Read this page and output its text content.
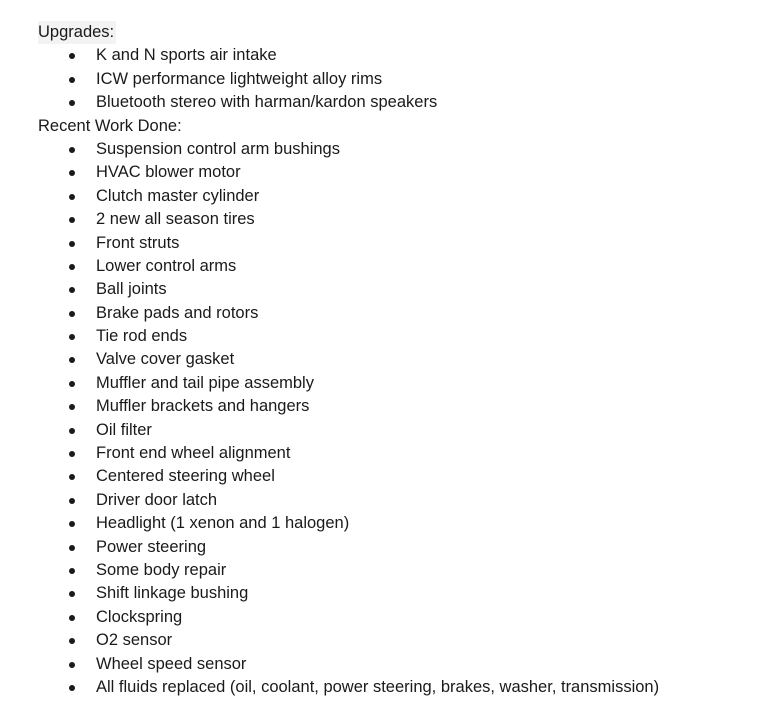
Upgrades:
K and N sports air intake
ICW performance lightweight alloy rims
Bluetooth stereo with harman/kardon speakers
Recent Work Done:
Suspension control arm bushings
HVAC blower motor
Clutch master cylinder
2 new all season tires
Front struts
Lower control arms
Ball joints
Brake pads and rotors
Tie rod ends
Valve cover gasket
Muffler and tail pipe assembly
Muffler brackets and hangers
Oil filter
Front end wheel alignment
Centered steering wheel
Driver door latch
Headlight (1 xenon and 1 halogen)
Power steering
Some body repair
Shift linkage bushing
Clockspring
O2 sensor
Wheel speed sensor
All fluids replaced (oil, coolant, power steering, brakes, washer, transmission)
